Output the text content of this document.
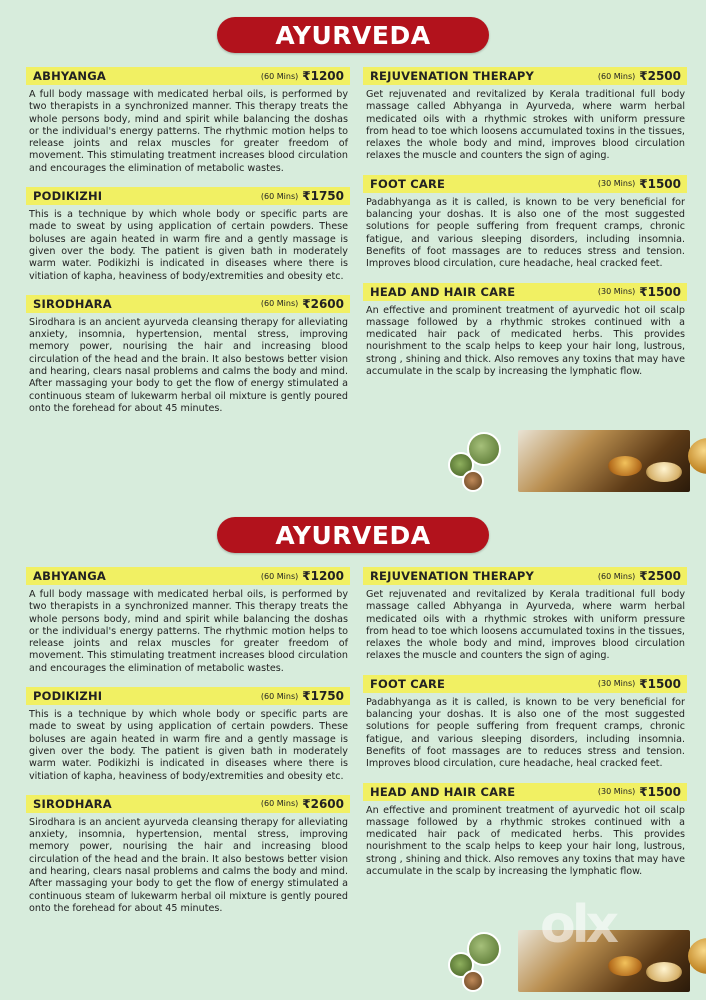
AYURVEDA
ABHYANGA	(60 Mins) ₹1200
A full body massage with medicated herbal oils, is performed by two therapists in a synchronized manner. This therapy treats the whole persons body, mind and spirit while balancing the doshas or the individual's energy patterns. The rhythmic motion helps to release joints and relax muscles for greater freedom of movement. This stimulating treatment increases blood circulation and encourages the elimination of metabolic wastes.
PODIKIZHI	(60 Mins) ₹1750
This is a technique by which whole body or specific parts are made to sweat by using application of certain powders. These boluses are again heated in warm fire and a gently massage is given over the body. The patient is given bath in moderately warm water. Podikizhi is indicated in diseases where there is vitiation of kapha, heaviness of body/extremities and obesity etc.
SIRODHARA	(60 Mins) ₹2600
Sirodhara is an ancient ayurveda cleansing therapy for alleviating anxiety, insomnia, hypertension, mental stress, improving memory power, nourising the hair and increasing blood circulation of the head and the brain. It also bestows better vision and hearing, clears nasal problems and calms the body and mind. After massaging your body to get the flow of energy stimulated a continuous steam of lukewarm herbal oil mixture is gently poured onto the forehead for about 45 minutes.
REJUVENATION THERAPY	(60 Mins) ₹2500
Get rejuvenated and revitalized by Kerala traditional full body massage called Abhyanga in Ayurveda, where warm herbal medicated oils with a rhythmic strokes with uniform pressure from head to toe which loosens accumulated toxins in the tissues, relaxes the whole body and mind, improves blood circulation relaxes the muscle and counters the sign of aging.
FOOT CARE	(30 Mins) ₹1500
Padabhyanga as it is called, is known to be very beneficial for balancing your doshas. It is also one of the most suggested solutions for people suffering from frequent cramps, chronic fatigue, and various sleeping disorders, including insomnia. Benefits of foot massages are to reduces stress and tension. Improves blood circulation, cure headache, heal cracked feet.
HEAD AND HAIR CARE	(30 Mins) ₹1500
An effective and prominent treatment of ayurvedic hot oil scalp massage followed by a rhythmic strokes continued with a medicated hair pack of medicated herbs. This provides nourishment to the scalp helps to keep your hair long, lustrous, strong , shining and thick. Also removes any toxins that may have accumulate in the scalp by increasing the lymphatic flow.
AYURVEDA
ABHYANGA	(60 Mins) ₹1200
A full body massage with medicated herbal oils, is performed by two therapists in a synchronized manner. This therapy treats the whole persons body, mind and spirit while balancing the doshas or the individual's energy patterns. The rhythmic motion helps to release joints and relax muscles for greater freedom of movement. This stimulating treatment increases blood circulation and encourages the elimination of metabolic wastes.
PODIKIZHI	(60 Mins) ₹1750
This is a technique by which whole body or specific parts are made to sweat by using application of certain powders. These boluses are again heated in warm fire and a gently massage is given over the body. The patient is given bath in moderately warm water. Podikizhi is indicated in diseases where there is vitiation of kapha, heaviness of body/extremities and obesity etc.
SIRODHARA	(60 Mins) ₹2600
Sirodhara is an ancient ayurveda cleansing therapy for alleviating anxiety, insomnia, hypertension, mental stress, improving memory power, nourising the hair and increasing blood circulation of the head and the brain. It also bestows better vision and hearing, clears nasal problems and calms the body and mind. After massaging your body to get the flow of energy stimulated a continuous steam of lukewarm herbal oil mixture is gently poured onto the forehead for about 45 minutes.
REJUVENATION THERAPY	(60 Mins) ₹2500
Get rejuvenated and revitalized by Kerala traditional full body massage called Abhyanga in Ayurveda, where warm herbal medicated oils with a rhythmic strokes with uniform pressure from head to toe which loosens accumulated toxins in the tissues, relaxes the whole body and mind, improves blood circulation relaxes the muscle and counters the sign of aging.
FOOT CARE	(30 Mins) ₹1500
Padabhyanga as it is called, is known to be very beneficial for balancing your doshas. It is also one of the most suggested solutions for people suffering from frequent cramps, chronic fatigue, and various sleeping disorders, including insomnia. Benefits of foot massages are to reduces stress and tension. Improves blood circulation, cure headache, heal cracked feet.
HEAD AND HAIR CARE	(30 Mins) ₹1500
An effective and prominent treatment of ayurvedic hot oil scalp massage followed by a rhythmic strokes continued with a medicated hair pack of medicated herbs. This provides nourishment to the scalp helps to keep your hair long, lustrous, strong , shining and thick. Also removes any toxins that may have accumulate in the scalp by increasing the lymphatic flow.
olx
